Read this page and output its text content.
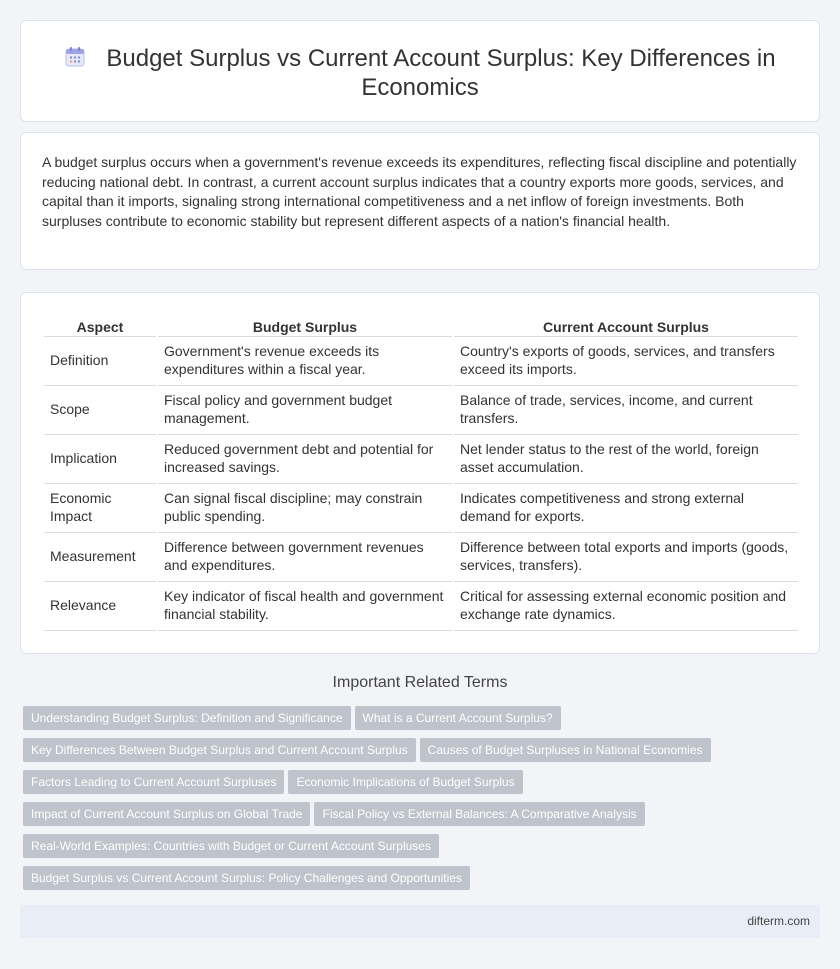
Budget Surplus vs Current Account Surplus: Key Differences in Economics

A budget surplus occurs when a government's revenue exceeds its expenditures, reflecting fiscal discipline and potentially reducing national debt. In contrast, a current account surplus indicates that a country exports more goods, services, and capital than it imports, signaling strong international competitiveness and a net inflow of foreign investments. Both surpluses contribute to economic stability but represent different aspects of a nation's financial health.

Aspect	Budget Surplus	Current Account Surplus
Definition	Government's revenue exceeds its expenditures within a fiscal year.	Country's exports of goods, services, and transfers exceed its imports.
Scope	Fiscal policy and government budget management.	Balance of trade, services, income, and current transfers.
Implication	Reduced government debt and potential for increased savings.	Net lender status to the rest of the world, foreign asset accumulation.
Economic Impact	Can signal fiscal discipline; may constrain public spending.	Indicates competitiveness and strong external demand for exports.
Measurement	Difference between government revenues and expenditures.	Difference between total exports and imports (goods, services, transfers).
Relevance	Key indicator of fiscal health and government financial stability.	Critical for assessing external economic position and exchange rate dynamics.
Important Related Terms
Understanding Budget Surplus: Definition and Significance What is a Current Account Surplus?
Key Differences Between Budget Surplus and Current Account Surplus Causes of Budget Surpluses in National Economies
Factors Leading to Current Account Surpluses Economic Implications of Budget Surplus
Impact of Current Account Surplus on Global Trade Fiscal Policy vs External Balances: A Comparative Analysis
Real-World Examples: Countries with Budget or Current Account Surpluses
Budget Surplus vs Current Account Surplus: Policy Challenges and Opportunities
difterm.com
